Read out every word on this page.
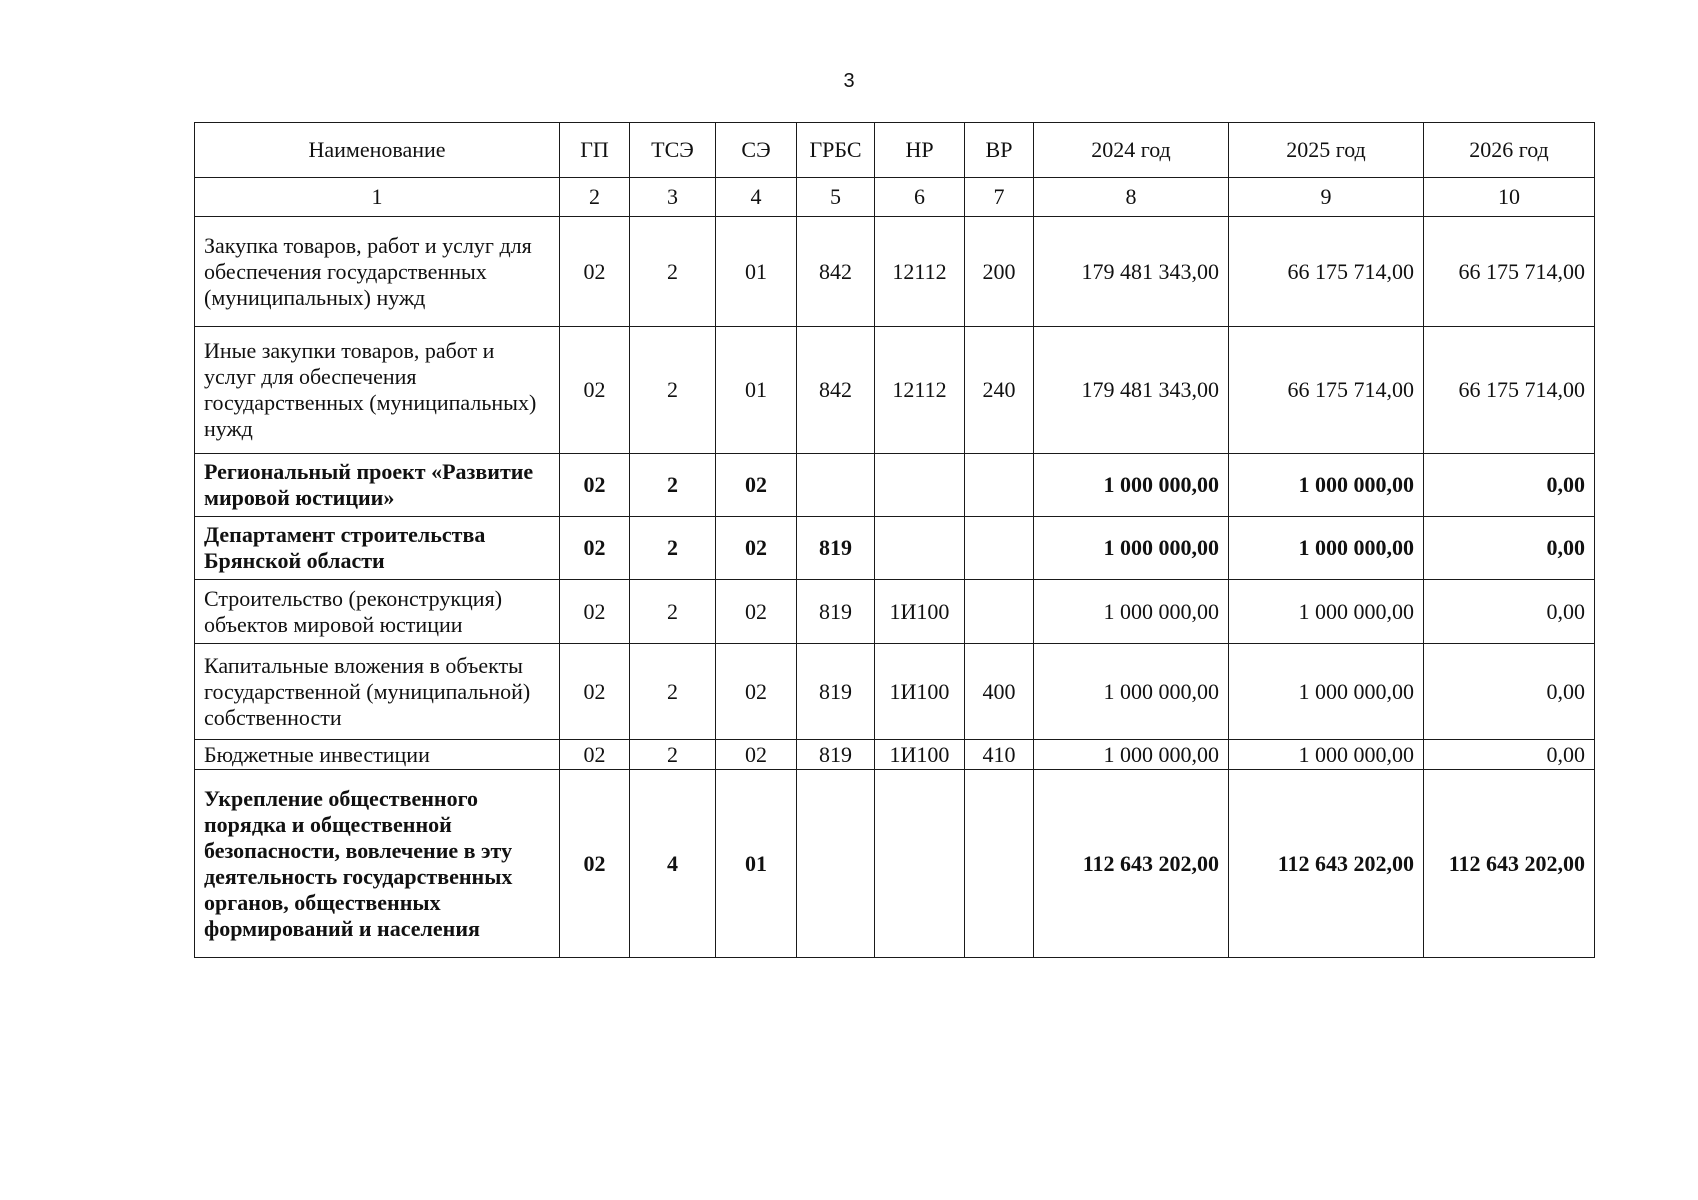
3
Наименование	ГП	ТСЭ	СЭ	ГРБС	НР	ВР	2024 год	2025 год	2026 год
1	2	3	4	5	6	7	8	9	10
Закупка товаров, работ и услуг для обеспечения государственных (муниципальных) нужд	02	2	01	842	12112	200	179 481 343,00	66 175 714,00	66 175 714,00
Иные закупки товаров, работ и услуг для обеспечения государственных (муниципальных) нужд	02	2	01	842	12112	240	179 481 343,00	66 175 714,00	66 175 714,00
Региональный проект «Развитие мировой юстиции»	02	2	02				1 000 000,00	1 000 000,00	0,00
Департамент строительства Брянской области	02	2	02	819			1 000 000,00	1 000 000,00	0,00
Строительство (реконструкция) объектов мировой юстиции	02	2	02	819	1И100		1 000 000,00	1 000 000,00	0,00
Капитальные вложения в объекты государственной (муниципальной) собственности	02	2	02	819	1И100	400	1 000 000,00	1 000 000,00	0,00
Бюджетные инвестиции	02	2	02	819	1И100	410	1 000 000,00	1 000 000,00	0,00
Укрепление общественного порядка и общественной безопасности, вовлечение в эту деятельность государственных органов, общественных формирований и населения	02	4	01				112 643 202,00	112 643 202,00	112 643 202,00
